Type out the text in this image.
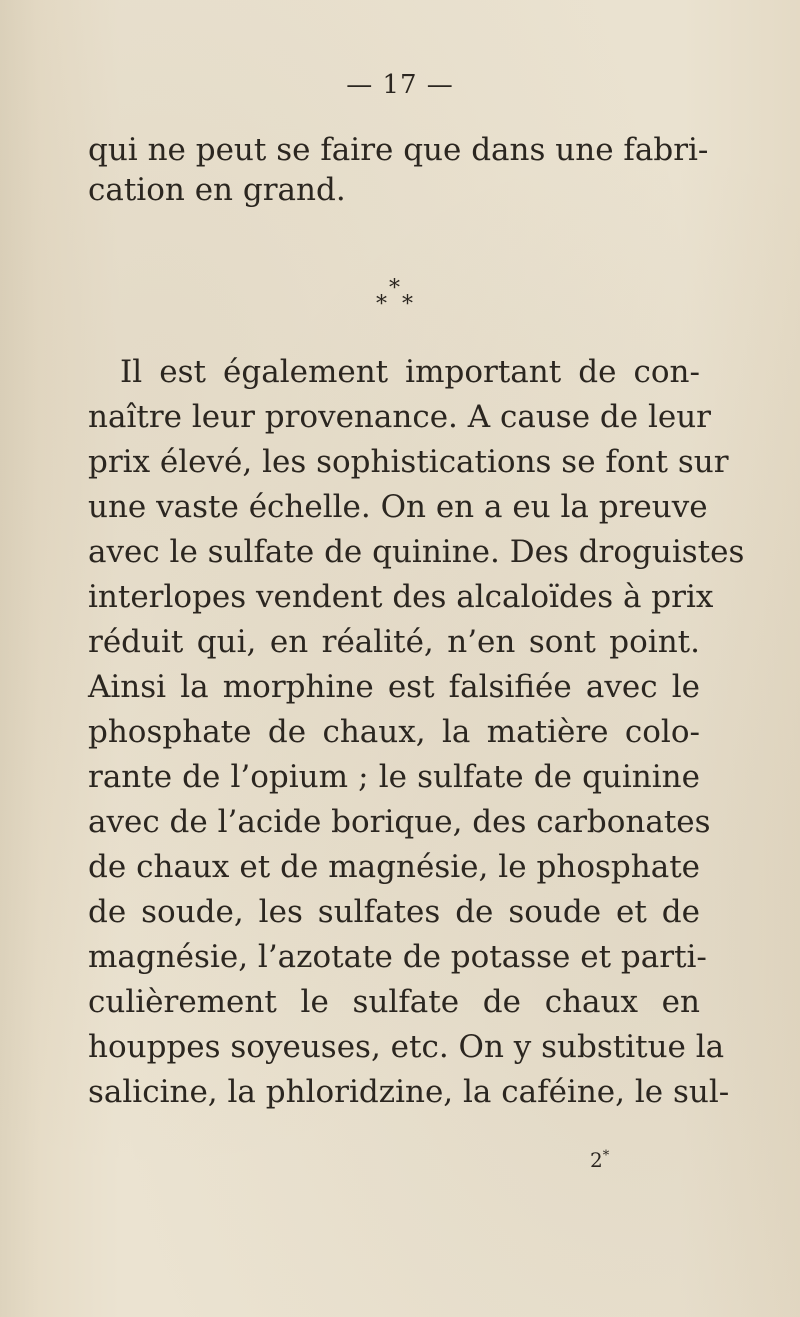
— 17 —
qui ne peut se faire que dans une fabri-
cation en grand.
*
* *
Il est également important de con-
naître leur provenance. A cause de leur
prix élevé, les sophistications se font sur
une vaste échelle. On en a eu la preuve
avec le sulfate de quinine. Des droguistes
interlopes vendent des alcaloïdes à prix
réduit qui, en réalité, n’en sont point.
Ainsi la morphine est falsifiée avec le
phosphate de chaux, la matière colo-
rante de l’opium ; le sulfate de quinine
avec de l’acide borique, des carbonates
de chaux et de magnésie, le phosphate
de soude, les sulfates de soude et de
magnésie, l’azotate de potasse et parti-
culièrement le sulfate de chaux en
houppes soyeuses, etc. On y substitue la
salicine, la phloridzine, la caféine, le sul-
2*
